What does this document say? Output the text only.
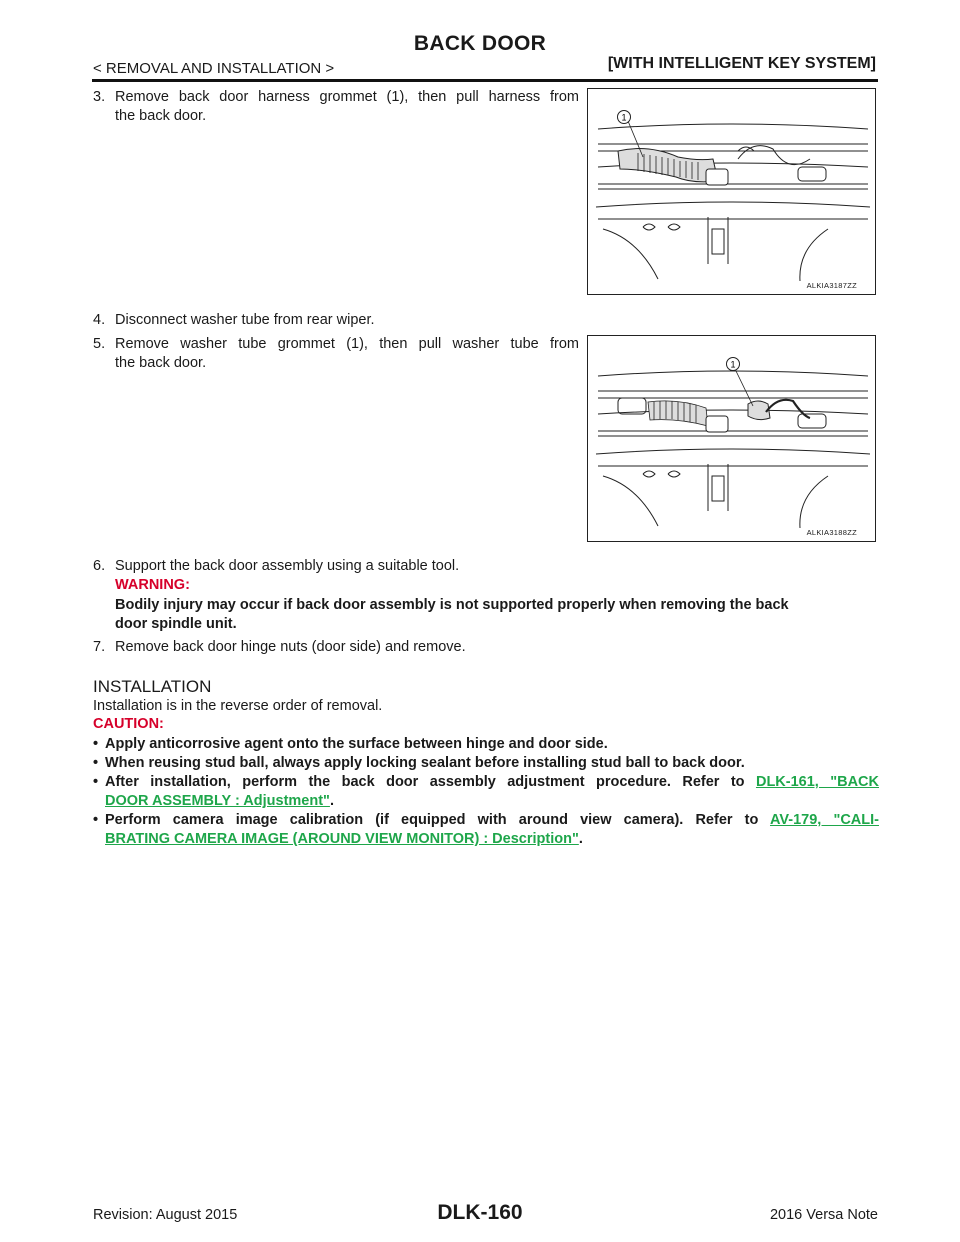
BACK DOOR
< REMOVAL AND INSTALLATION >	[WITH INTELLIGENT KEY SYSTEM]
3. Remove back door harness grommet (1), then pull harness from
the back door.	1
ALKIA3187ZZ
4. Disconnect washer tube from rear wiper.
5. Remove washer tube grommet (1), then pull washer tube from
the back door.	1
ALKIA3188ZZ
6. Support the back door assembly using a suitable tool.
WARNING:
Bodily injury may occur if back door assembly is not supported properly when removing the back
door spindle unit.
7. Remove back door hinge nuts (door side) and remove.
INSTALLATION
Installation is in the reverse order of removal.
CAUTION:
• Apply anticorrosive agent onto the surface between hinge and door side.
• When reusing stud ball, always apply locking sealant before installing stud ball to back door.
• After installation, perform the back door assembly adjustment procedure. Refer to DLK-161, "BACK
DOOR ASSEMBLY : Adjustment".
• Perform camera image calibration (if equipped with around view camera). Refer to AV-179, "CALI-
BRATING CAMERA IMAGE (AROUND VIEW MONITOR) : Description".
Revision: August 2015	DLK-160	2016 Versa Note
